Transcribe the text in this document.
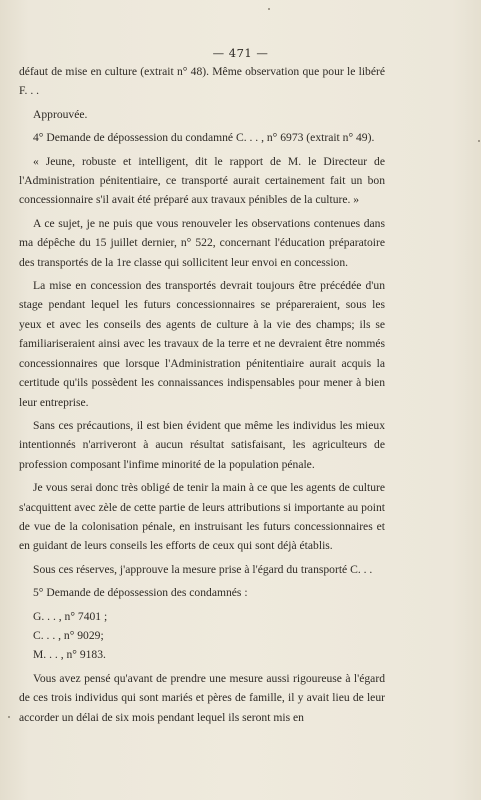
— 471 —

défaut de mise en culture (extrait n° 48). Même observation que pour le libéré F. . .

Approuvée.

4° Demande de dépossession du condamné C. . . , n° 6973 (extrait n° 49).

« Jeune, robuste et intelligent, dit le rapport de M. le Directeur de l'Administration pénitentiaire, ce transporté aurait certainement fait un bon concessionnaire s'il avait été préparé aux travaux pénibles de la culture. »

A ce sujet, je ne puis que vous renouveler les observations contenues dans ma dépêche du 15 juillet dernier, n° 522, concernant l'éducation préparatoire des transportés de la 1re classe qui sollicitent leur envoi en concession.

La mise en concession des transportés devrait toujours être précédée d'un stage pendant lequel les futurs concessionnaires se prépareraient, sous les yeux et avec les conseils des agents de culture à la vie des champs; ils se familiariseraient ainsi avec les travaux de la terre et ne devraient être nommés concessionnaires que lorsque l'Administration pénitentiaire aurait acquis la certitude qu'ils possèdent les connaissances indispensables pour mener à bien leur entreprise.

Sans ces précautions, il est bien évident que même les individus les mieux intentionnés n'arriveront à aucun résultat satisfaisant, les agriculteurs de profession composant l'infime minorité de la population pénale.

Je vous serai donc très obligé de tenir la main à ce que les agents de culture s'acquittent avec zèle de cette partie de leurs attributions si importante au point de vue de la colonisation pénale, en instruisant les futurs concessionnaires et en guidant de leurs conseils les efforts de ceux qui sont déjà établis.

Sous ces réserves, j'approuve la mesure prise à l'égard du transporté C. . .

5° Demande de dépossession des condamnés :

G. . . , n° 7401 ;
C. . . , n° 9029;
M. . . , n° 9183.

Vous avez pensé qu'avant de prendre une mesure aussi rigoureuse à l'égard de ces trois individus qui sont mariés et pères de famille, il y avait lieu de leur accorder un délai de six mois pendant lequel ils seront mis en
